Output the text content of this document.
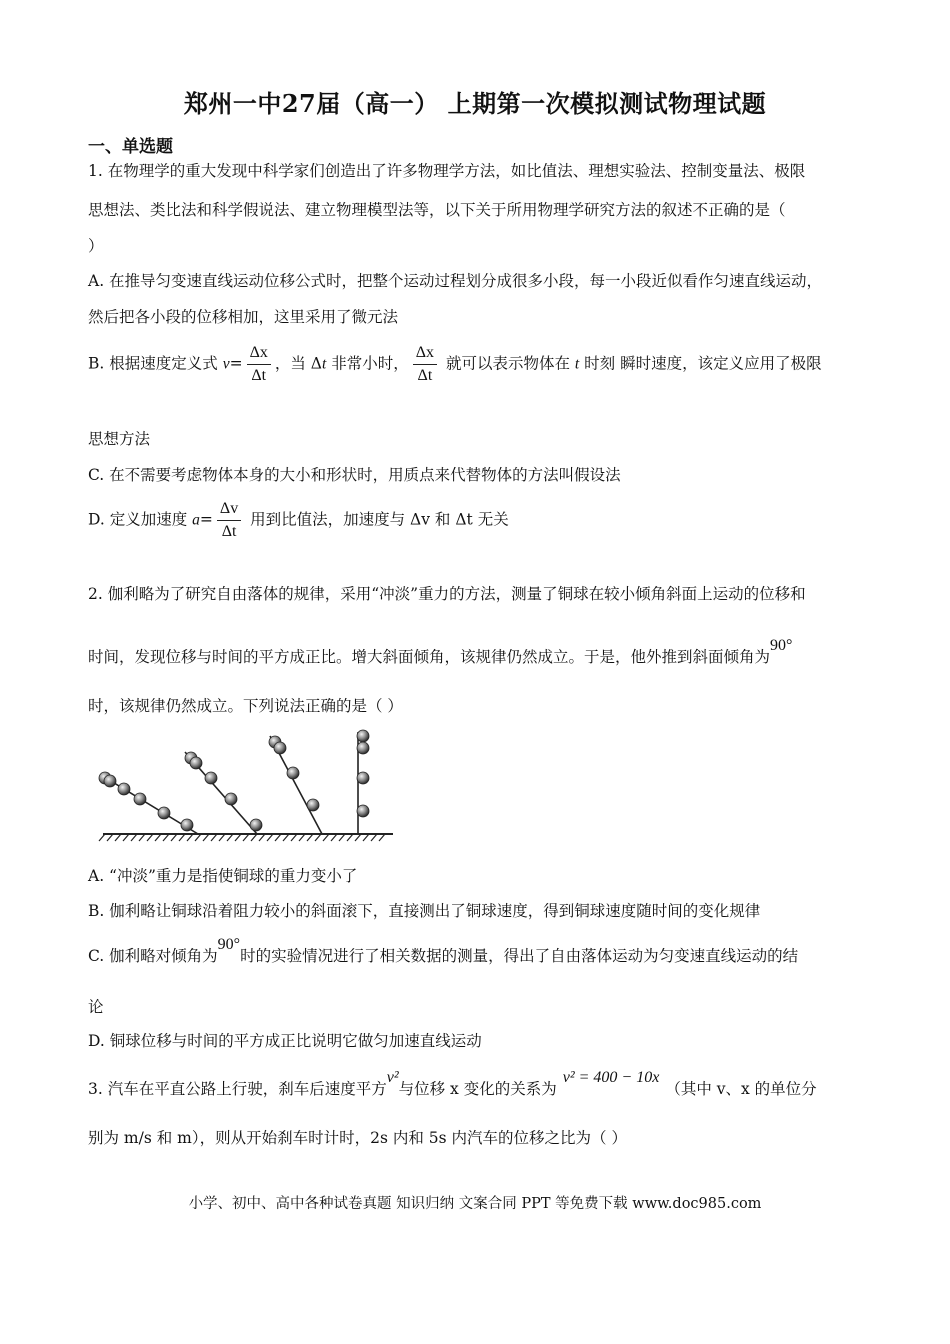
郑州一中27届（高一） 上期第一次模拟测试物理试题
一、单选题
1. 在物理学的重大发现中科学家们创造出了许多物理学方法，如比值法、理想实验法、控制变量法、极限
思想法、类比法和科学假说法、建立物理模型法等，以下关于所用物理学研究方法的叙述不正确的是（
）
A. 在推导匀变速直线运动位移公式时，把整个运动过程划分成很多小段，每一小段近似看作匀速直线运动，
然后把各小段的位移相加，这里采用了微元法
B. 根据速度定义式 $v= \frac{\Delta x}{\Delta t}$ ，当 Δt 非常小时， $\frac{\Delta x}{\Delta t}$ 就可以表示物体在 t 时刻 瞬时速度，该定义应用了极限
思想方法
C. 在不需要考虑物体本身的大小和形状时，用质点来代替物体的方法叫假设法
D. 定义加速度 $a= \frac{\Delta v}{\Delta t}$ 用到比值法，加速度与 Δv 和 Δt 无关
2. 伽利略为了研究自由落体的规律，采用“冲淡”重力的方法，测量了铜球在较小倾角斜面上运动的位移和
时间，发现位移与时间的平方成正比。增大斜面倾角，该规律仍然成立。于是，他外推到斜面倾角为90°
时，该规律仍然成立。下列说法正确的是（ ）
A. “冲淡”重力是指使铜球的重力变小了
B. 伽利略让铜球沿着阻力较小的斜面滚下，直接测出了铜球速度，得到铜球速度随时间的变化规律
C. 伽利略对倾角为90°时的实验情况进行了相关数据的测量，得出了自由落体运动为匀变速直线运动的结
论
D. 铜球位移与时间的平方成正比说明它做匀加速直线运动
3. 汽车在平直公路上行驶，刹车后速度平方v²与位移 x 变化的关系为v² = 400 − 10x（其中 v、x 的单位分
别为 m/s 和 m），则从开始刹车时计时，2s 内和 5s 内汽车的位移之比为（ ）
小学、初中、高中各种试卷真题 知识归纳 文案合同 PPT 等免费下载 www.doc985.com
